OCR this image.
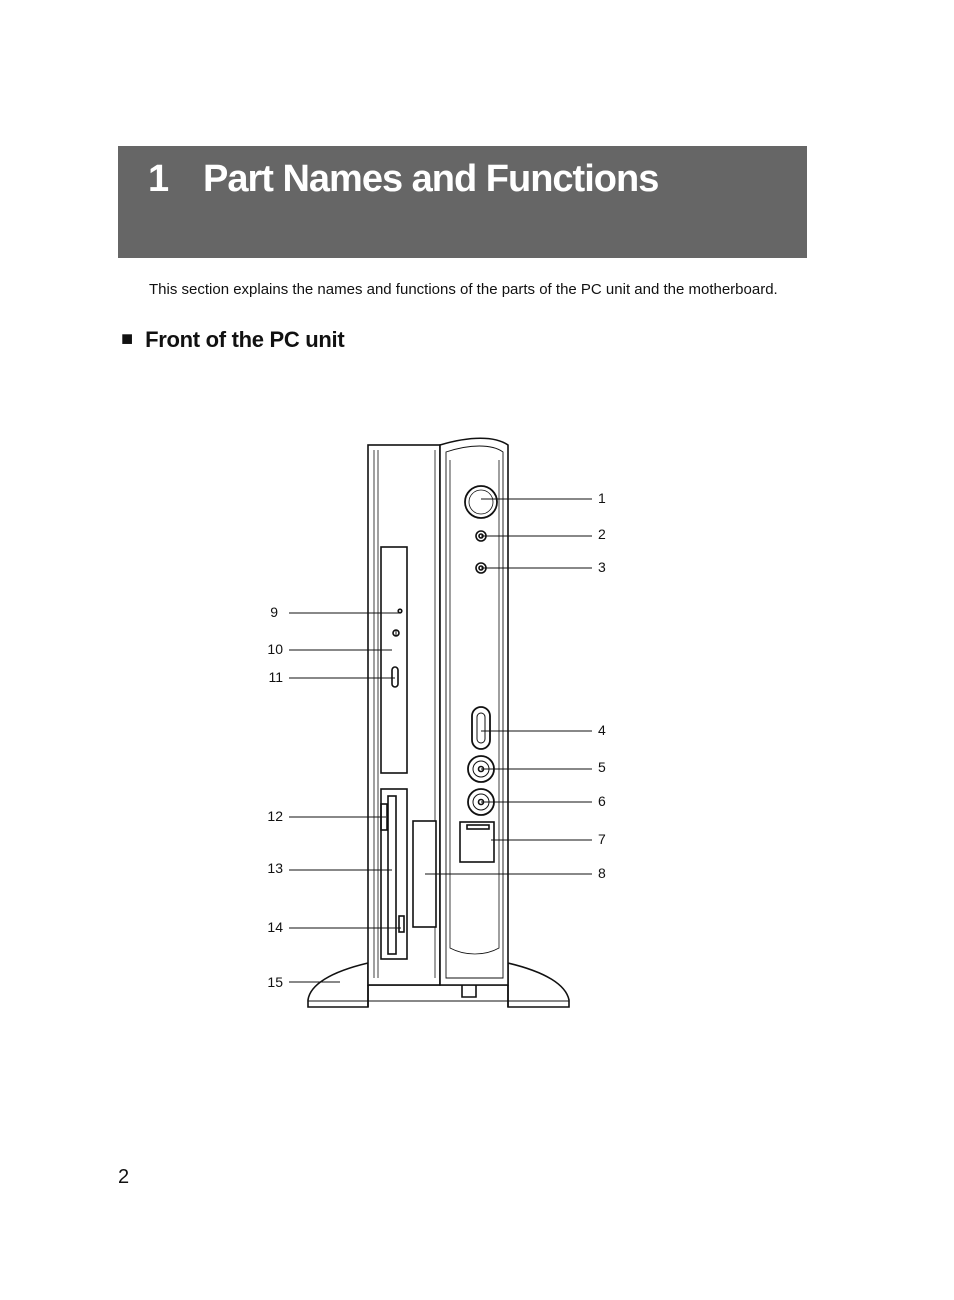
1 Part Names and Functions
This section explains the names and functions of the parts of the PC unit and the motherboard.
■ Front of the PC unit
1
2
3
4
5
6
7
8
9
10
11
12
13
14
15
2
